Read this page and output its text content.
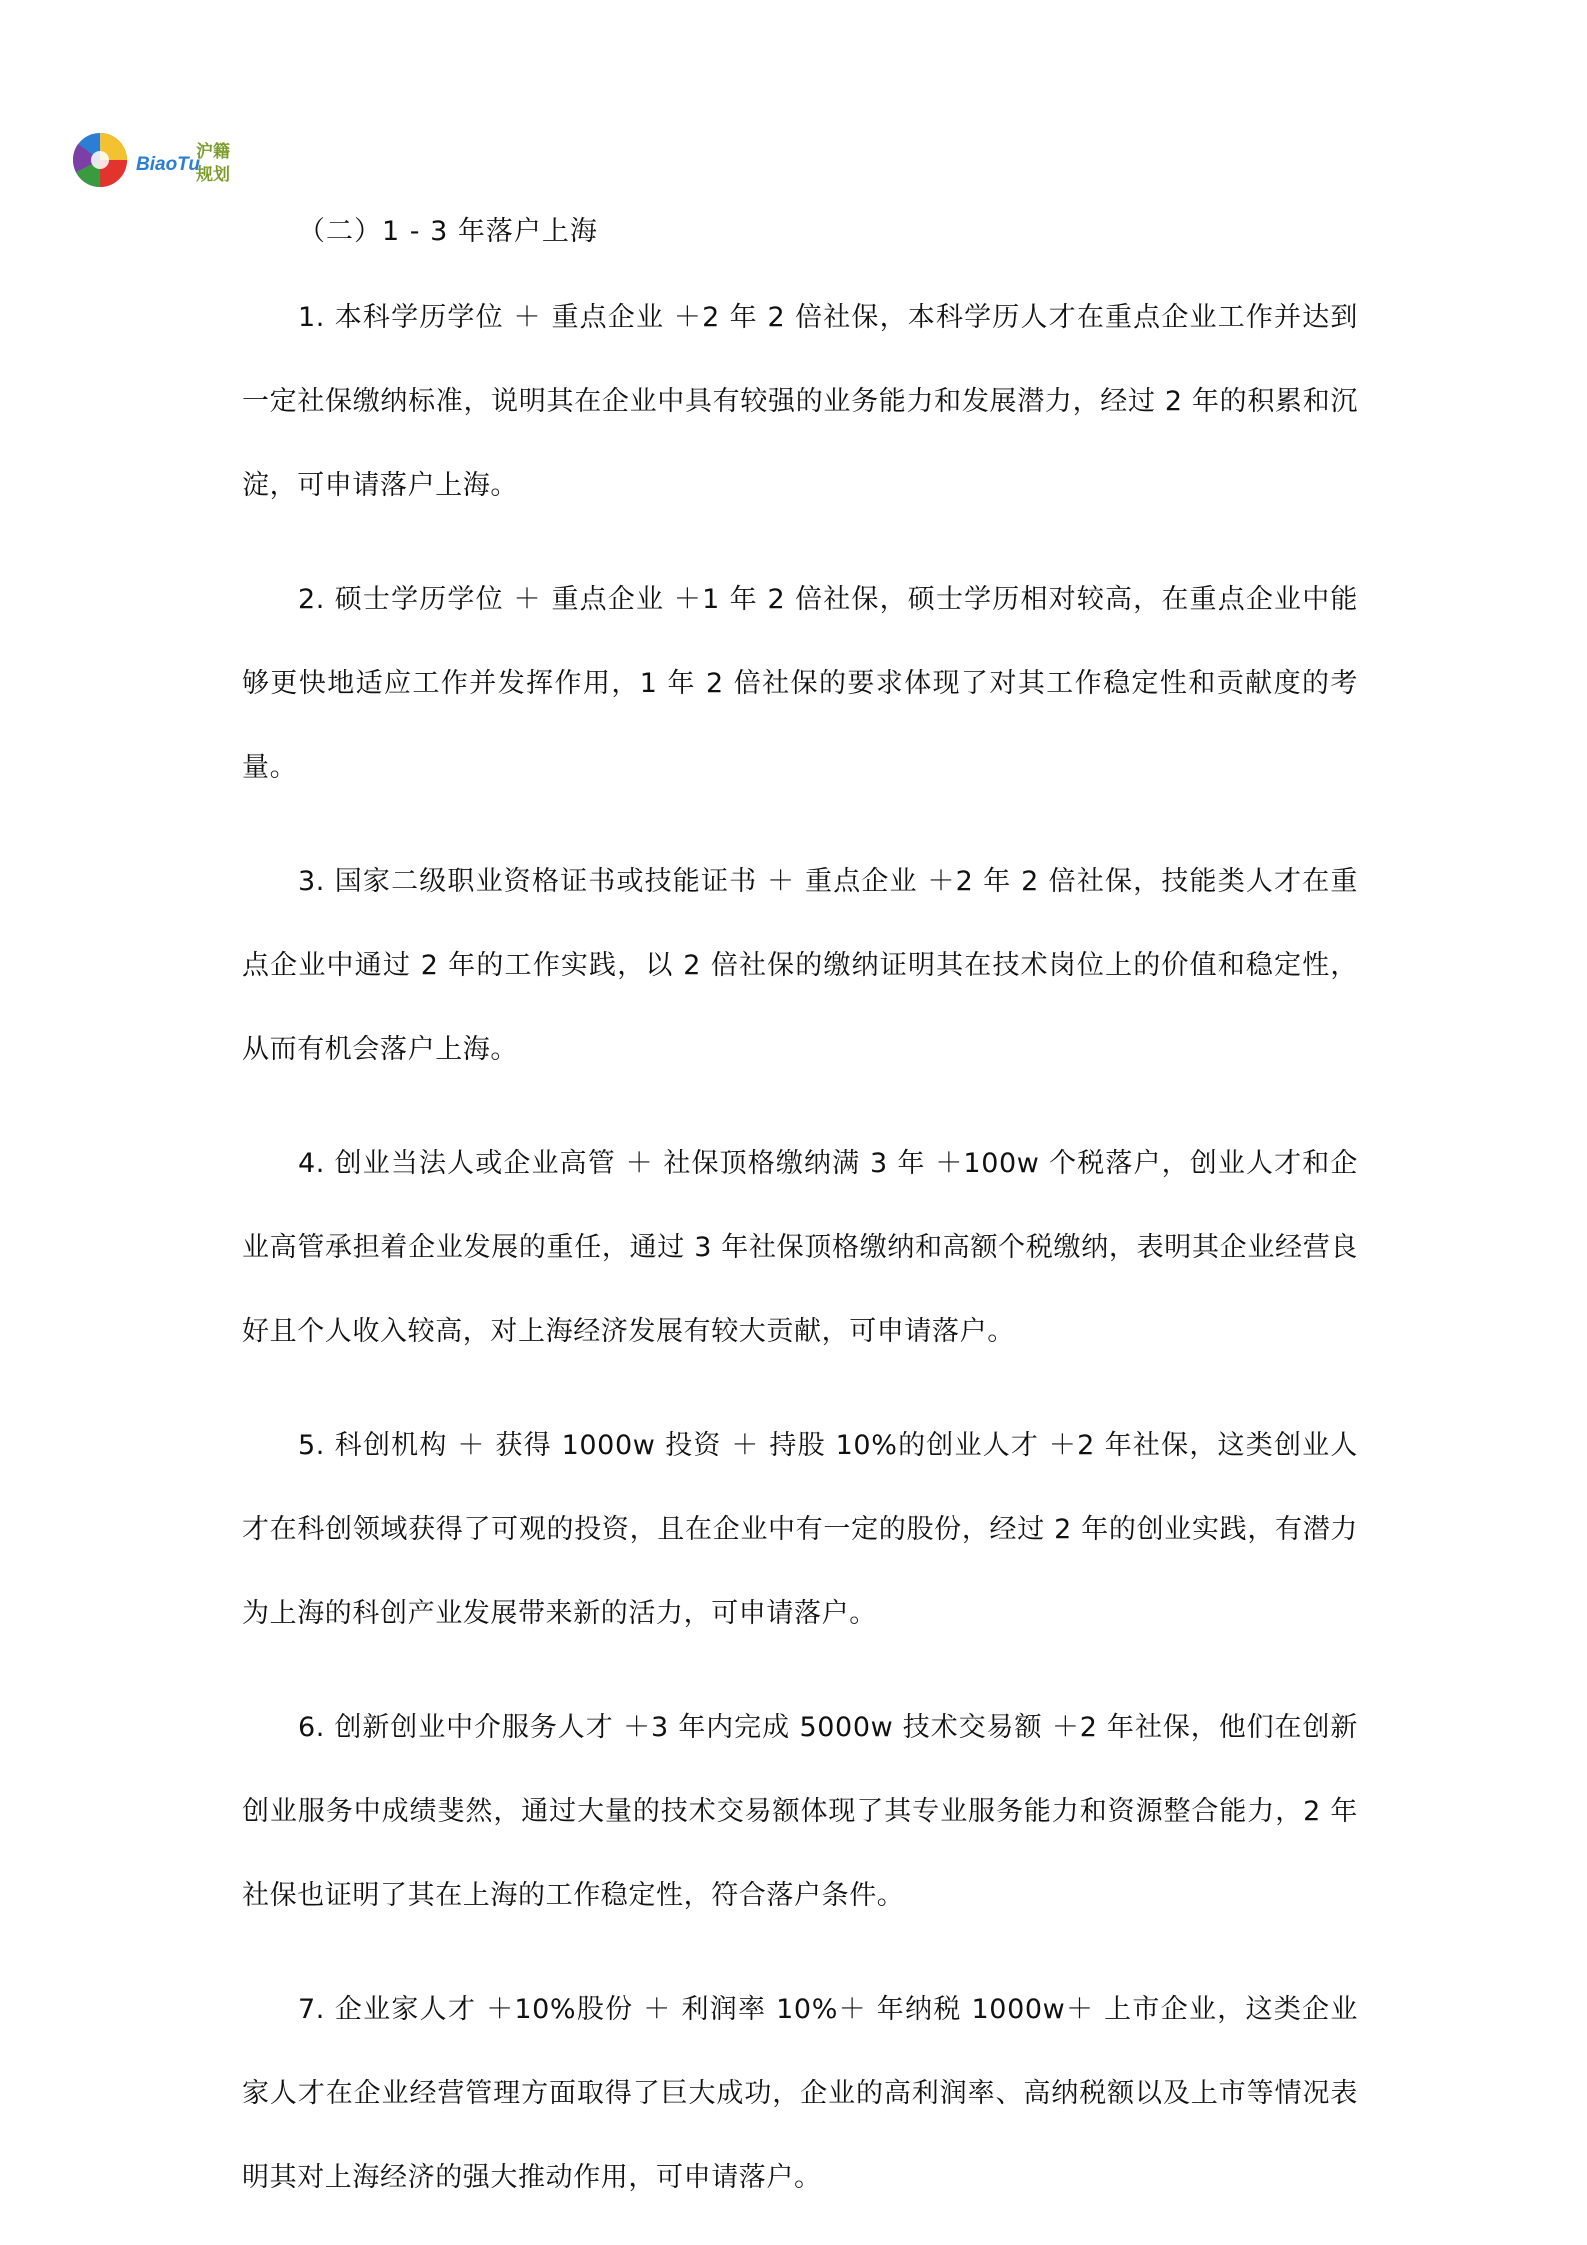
BiaoTu
沪籍
规划
（二）1 - 3 年落户上海

1. 本科学历学位 ＋ 重点企业 ＋2 年 2 倍社保，本科学历人才在重点企业工作并达到一定社保缴纳标准，说明其在企业中具有较强的业务能力和发展潜力，经过 2 年的积累和沉淀，可申请落户上海。

2. 硕士学历学位 ＋ 重点企业 ＋1 年 2 倍社保，硕士学历相对较高，在重点企业中能够更快地适应工作并发挥作用，1 年 2 倍社保的要求体现了对其工作稳定性和贡献度的考量。

3. 国家二级职业资格证书或技能证书 ＋ 重点企业 ＋2 年 2 倍社保，技能类人才在重点企业中通过 2 年的工作实践，以 2 倍社保的缴纳证明其在技术岗位上的价值和稳定性，从而有机会落户上海。

4. 创业当法人或企业高管 ＋ 社保顶格缴纳满 3 年 ＋100w 个税落户，创业人才和企业高管承担着企业发展的重任，通过 3 年社保顶格缴纳和高额个税缴纳，表明其企业经营良好且个人收入较高，对上海经济发展有较大贡献，可申请落户。

5. 科创机构 ＋ 获得 1000w 投资 ＋ 持股 10%的创业人才 ＋2 年社保，这类创业人才在科创领域获得了可观的投资，且在企业中有一定的股份，经过 2 年的创业实践，有潜力为上海的科创产业发展带来新的活力，可申请落户。

6. 创新创业中介服务人才 ＋3 年内完成 5000w 技术交易额 ＋2 年社保，他们在创新创业服务中成绩斐然，通过大量的技术交易额体现了其专业服务能力和资源整合能力，2 年社保也证明了其在上海的工作稳定性，符合落户条件。

7. 企业家人才 ＋10%股份 ＋ 利润率 10%＋ 年纳税 1000w＋ 上市企业，这类企业家人才在企业经营管理方面取得了巨大成功，企业的高利润率、高纳税额以及上市等情况表明其对上海经济的强大推动作用，可申请落户。
